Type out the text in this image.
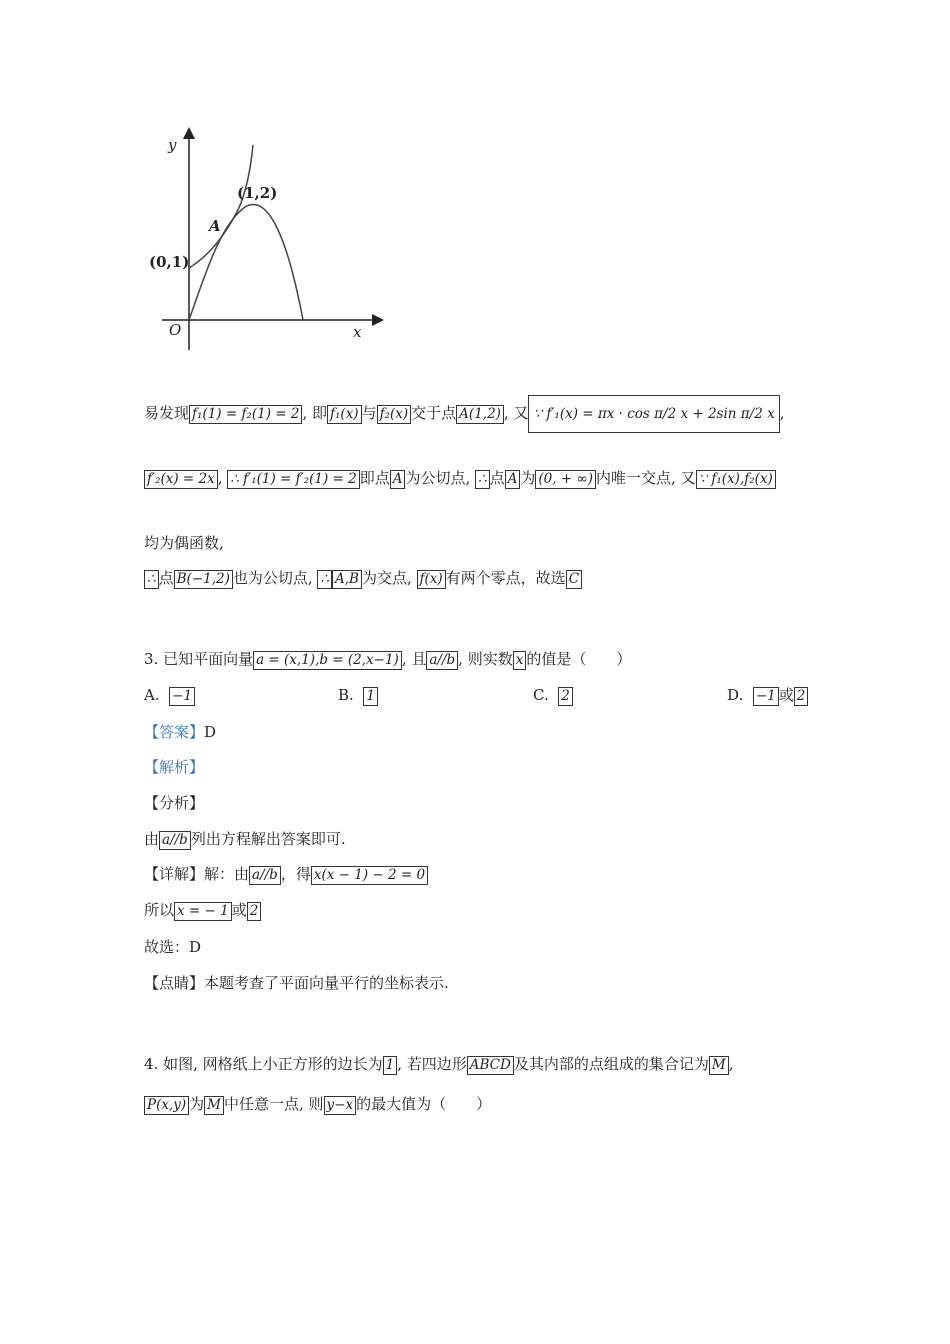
y
x
O
(0,1)
(1,2)
A
易发现 f₁(1) = f₂(1) = 2 , 即 f₁(x) 与 f₂(x) 交于点 A(1,2) , 又 ∵ f′₁(x) = πx · cos π/2 x + 2sin π/2 x ,
f′₂(x) = 2x , ∴ f′₁(1) = f′₂(1) = 2 即点 A 为公切点, ∴ 点 A 为 (0, + ∞) 内唯一交点, 又 ∵ f₁(x),f₂(x)
均为偶函数,
∴ 点 B(−1,2) 也为公切点, ∴ A,B 为交点, f(x) 有两个零点，故选 C
3. 已知平面向量 a = (x,1),b = (2,x−1) , 且 a//b , 则实数 x 的值是（　　）
A. −1	B. 1	C. 2	D. −1 或 2
【答案】D
【解析】
【分析】
由 a//b 列出方程解出答案即可.
【详解】解：由 a//b ，得 x(x − 1) − 2 = 0
所以 x = − 1 或 2
故选：D
【点睛】本题考查了平面向量平行的坐标表示.
4. 如图, 网格纸上小正方形的边长为 1 , 若四边形 ABCD 及其内部的点组成的集合记为 M ,
P(x,y) 为 M 中任意一点, 则 y−x 的最大值为（　　）
